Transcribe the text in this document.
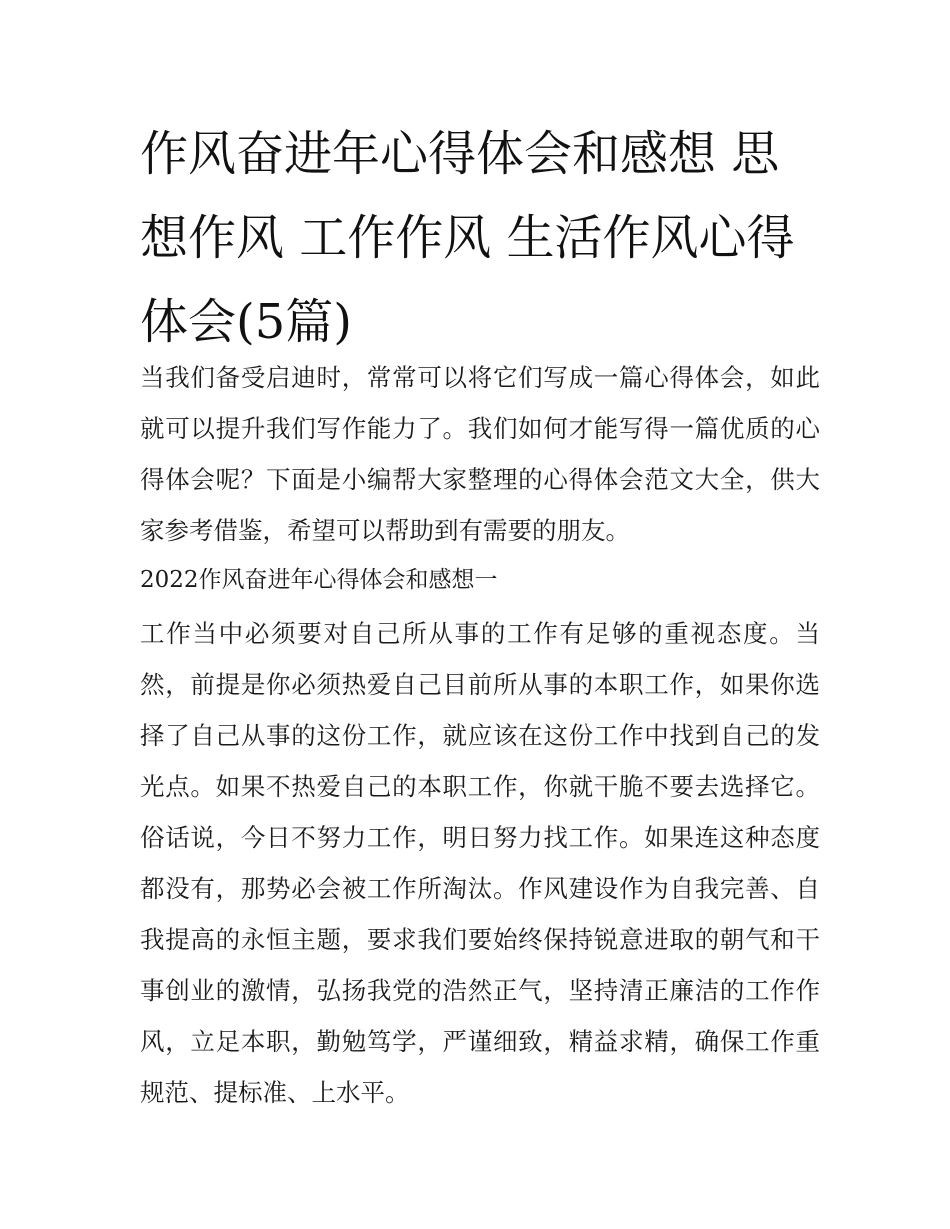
作风奋进年心得体会和感想 思想作风 工作作风 生活作风心得体会(5篇)

当我们备受启迪时，常常可以将它们写成一篇心得体会，如此就可以提升我们写作能力了。我们如何才能写得一篇优质的心得体会呢？下面是小编帮大家整理的心得体会范文大全，供大家参考借鉴，希望可以帮助到有需要的朋友。

2022作风奋进年心得体会和感想一

工作当中必须要对自己所从事的工作有足够的重视态度。当然，前提是你必须热爱自己目前所从事的本职工作，如果你选择了自己从事的这份工作，就应该在这份工作中找到自己的发光点。如果不热爱自己的本职工作，你就干脆不要去选择它。俗话说，今日不努力工作，明日努力找工作。如果连这种态度都没有，那势必会被工作所淘汰。作风建设作为自我完善、自我提高的永恒主题，要求我们要始终保持锐意进取的朝气和干事创业的激情，弘扬我党的浩然正气，坚持清正廉洁的工作作风，立足本职，勤勉笃学，严谨细致，精益求精，确保工作重规范、提标准、上水平。
